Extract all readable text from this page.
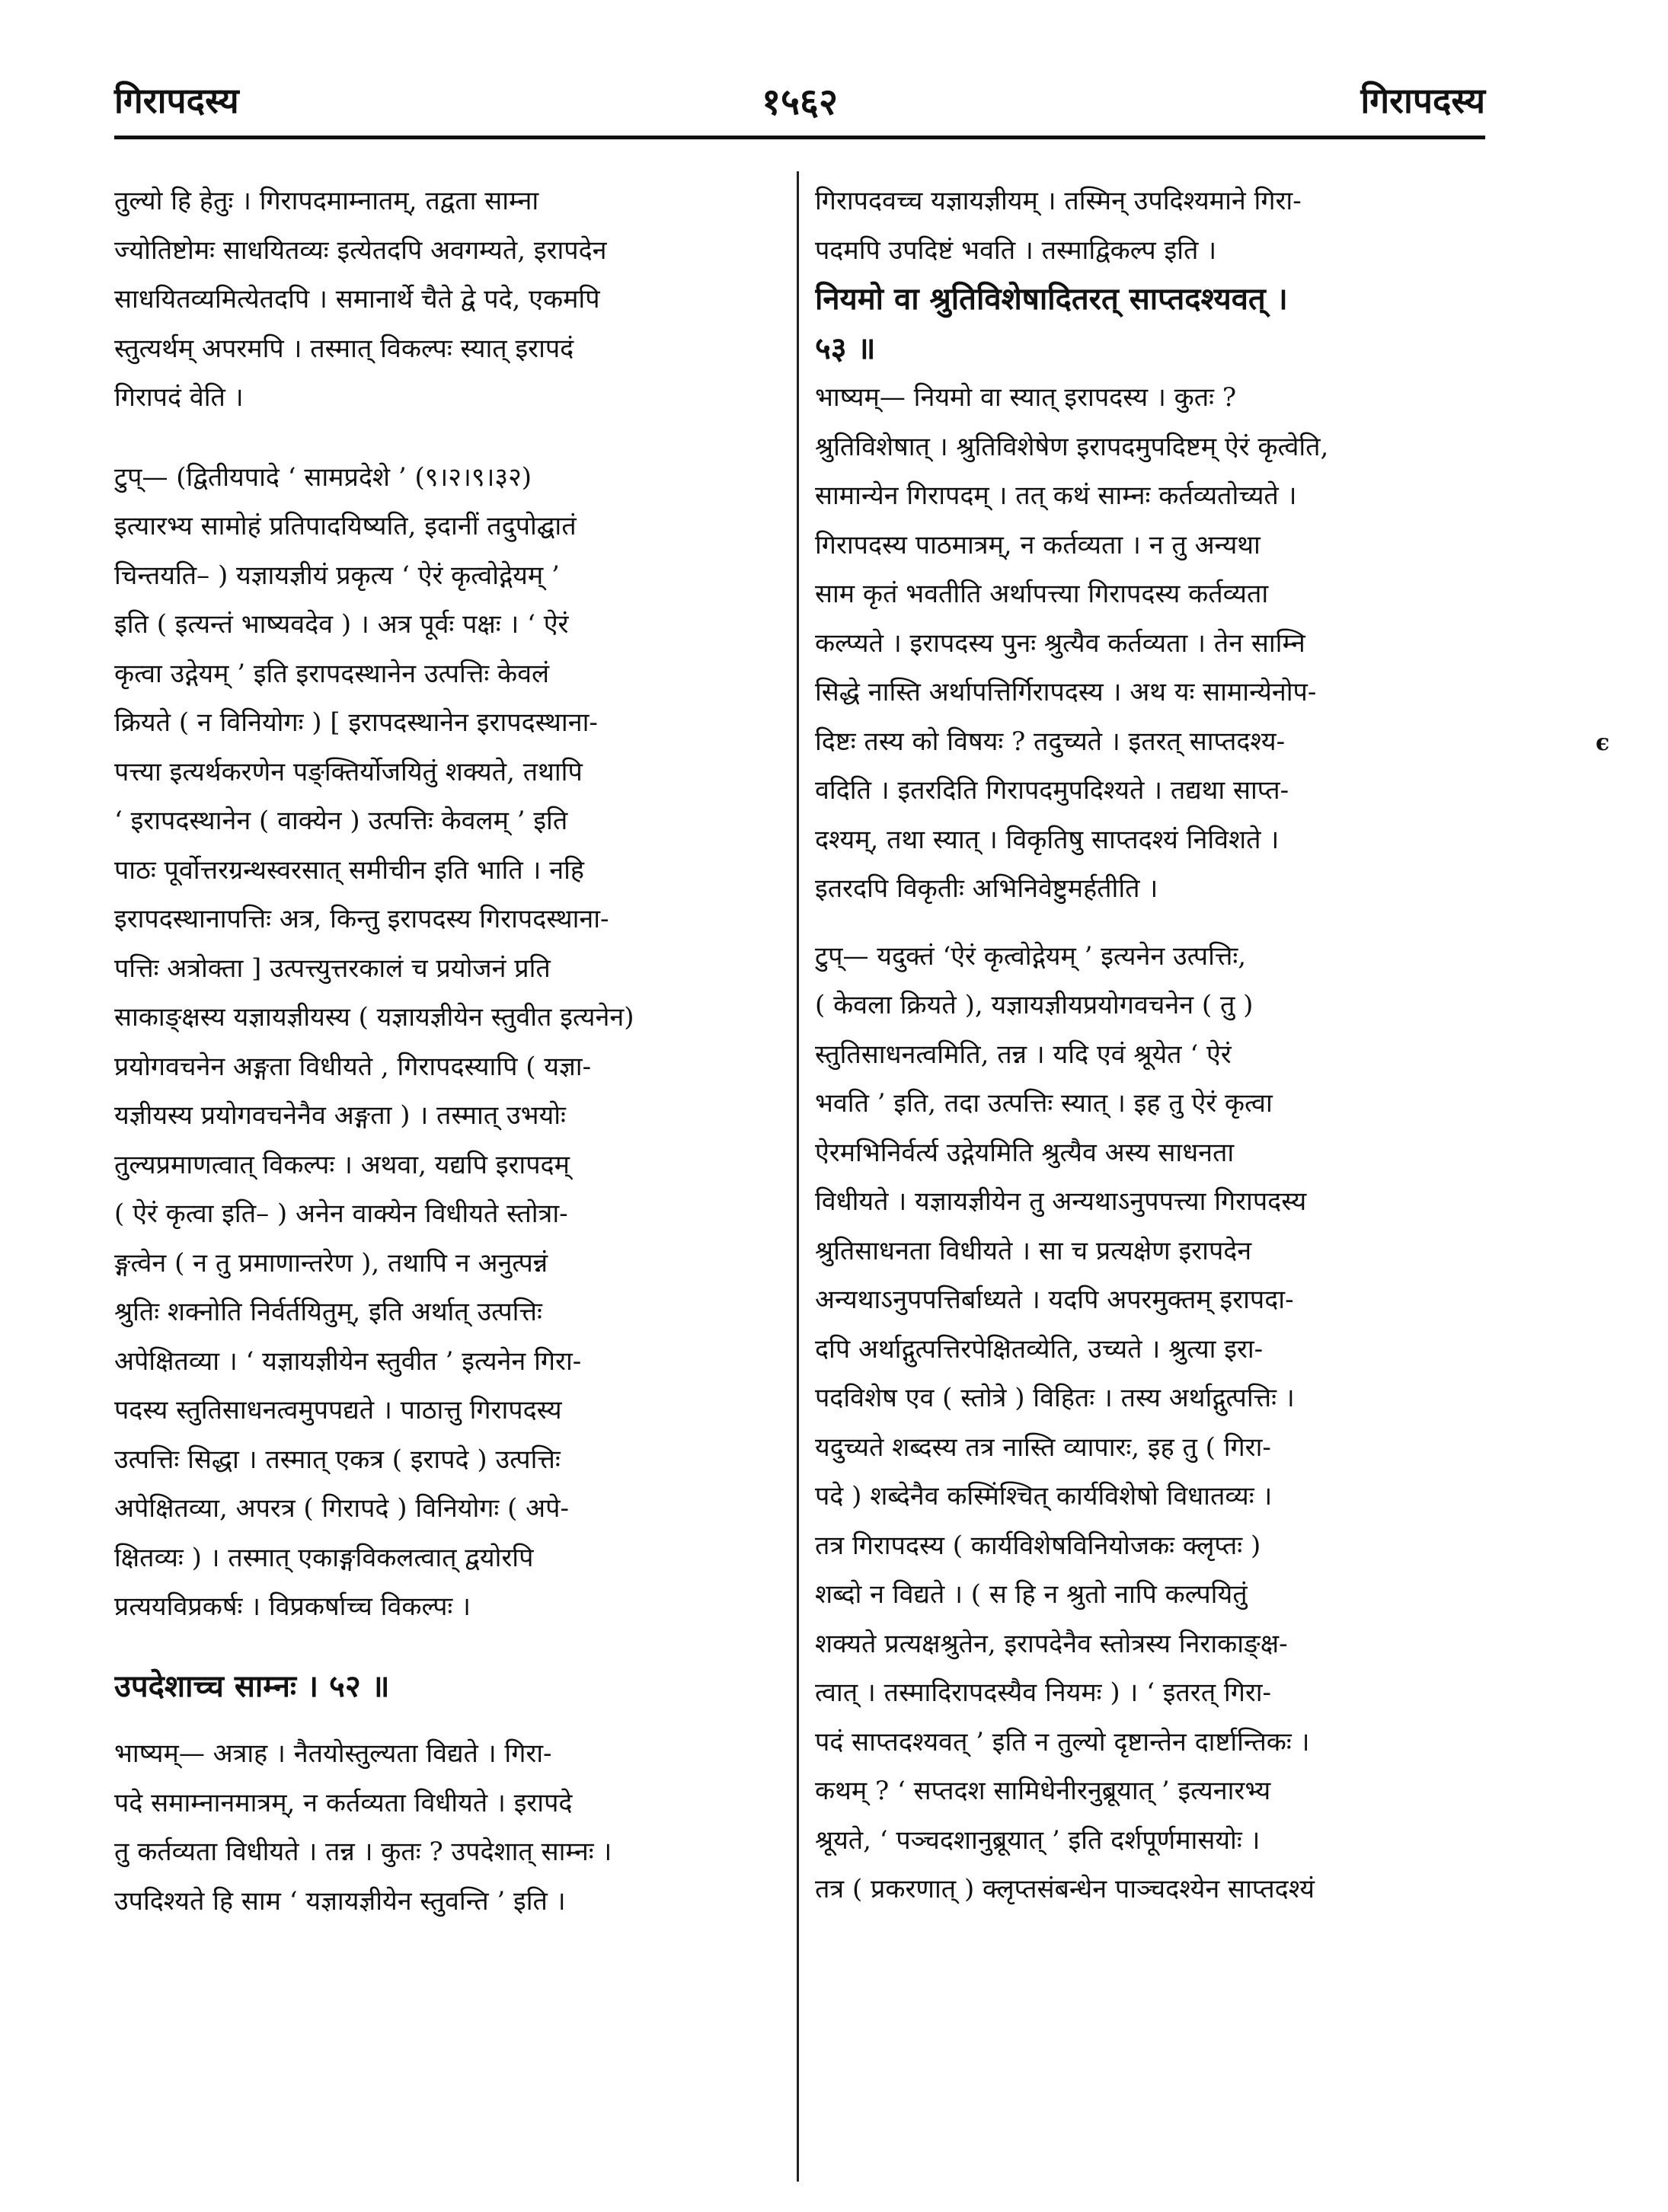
१५६२
गिरापदस्य	गिरापदस्य
ϵ

तुल्यो हि हेतुः । गिरापदमाम्नातम्, तद्वता साम्ना

ज्योतिष्टोमः साधयितव्यः इत्येतदपि अवगम्यते, इरापदेन

साधयितव्यमित्येतदपि । समानार्थे चैते द्वे पदे, एकमपि

स्तुत्यर्थम् अपरमपि । तस्मात् विकल्पः स्यात् इरापदं

गिरापदं वेति ।

टुप्— (द्वितीयपादे ‘ सामप्रदेशे ’ (९।२।९।३२)

इत्यारभ्य सामोहं प्रतिपादयिष्यति, इदानीं तदुपोद्घातं

चिन्तयति– ) यज्ञायज्ञीयं प्रकृत्य ‘ ऐरं कृत्वोद्गेयम् ’

इति ( इत्यन्तं भाष्यवदेव ) । अत्र पूर्वः पक्षः । ‘ ऐरं

कृत्वा उद्गेयम् ’ इति इरापदस्थानेन उत्पत्तिः केवलं

क्रियते ( न विनियोगः ) [ इरापदस्थानेन इरापदस्थाना-

पत्त्या इत्यर्थकरणेन पङ्क्तिर्योजयितुं शक्यते, तथापि

‘ इरापदस्थानेन ( वाक्येन ) उत्पत्तिः केवलम् ’ इति

पाठः पूर्वोत्तरग्रन्थस्वरसात् समीचीन इति भाति । नहि

इरापदस्थानापत्तिः अत्र, किन्तु इरापदस्य गिरापदस्थाना-

पत्तिः अत्रोक्ता ] उत्पत्त्युत्तरकालं च प्रयोजनं प्रति

साकाङ्क्षस्य यज्ञायज्ञीयस्य ( यज्ञायज्ञीयेन स्तुवीत इत्यनेन)

प्रयोगवचनेन अङ्गता विधीयते , गिरापदस्यापि ( यज्ञा-

यज्ञीयस्य प्रयोगवचनेनैव अङ्गता ) । तस्मात् उभयोः

तुल्यप्रमाणत्वात् विकल्पः । अथवा, यद्यपि इरापदम्

( ऐरं कृत्वा इति– ) अनेन वाक्येन विधीयते स्तोत्रा-

ङ्गत्वेन ( न तु प्रमाणान्तरेण ), तथापि न अनुत्पन्नं

श्रुतिः शक्नोति निर्वर्तयितुम्, इति अर्थात् उत्पत्तिः

अपेक्षितव्या । ‘ यज्ञायज्ञीयेन स्तुवीत ’ इत्यनेन गिरा-

पदस्य स्तुतिसाधनत्वमुपपद्यते । पाठात्तु गिरापदस्य

उत्पत्तिः सिद्धा । तस्मात् एकत्र ( इरापदे ) उत्पत्तिः

अपेक्षितव्या, अपरत्र ( गिरापदे ) विनियोगः ( अपे-

क्षितव्यः ) । तस्मात् एकाङ्गविकलत्वात् द्वयोरपि

प्रत्ययविप्रकर्षः । विप्रकर्षाच्च विकल्पः ।

उपदेशाच्च साम्नः । ५२ ॥

भाष्यम्— अत्राह । नैतयोस्तुल्यता विद्यते । गिरा-

पदे समाम्नानमात्रम्, न कर्तव्यता विधीयते । इरापदे

तु कर्तव्यता विधीयते । तन्न । कुतः ? उपदेशात् साम्नः ।

उपदिश्यते हि साम ‘ यज्ञायज्ञीयेन स्तुवन्ति ’ इति ।

गिरापदवच्च यज्ञायज्ञीयम् । तस्मिन् उपदिश्यमाने गिरा-

पदमपि उपदिष्टं भवति । तस्माद्विकल्प इति ।

नियमो वा श्रुतिविशेषादितरत् साप्तदश्यवत् ।

५३ ॥

भाष्यम्— नियमो वा स्यात् इरापदस्य । कुतः ?

श्रुतिविशेषात् । श्रुतिविशेषेण इरापदमुपदिष्टम् ऐरं कृत्वेति,

सामान्येन गिरापदम् । तत् कथं साम्नः कर्तव्यतोच्यते ।

गिरापदस्य पाठमात्रम्, न कर्तव्यता । न तु अन्यथा

साम कृतं भवतीति अर्थापत्त्या गिरापदस्य कर्तव्यता

कल्प्यते । इरापदस्य पुनः श्रुत्यैव कर्तव्यता । तेन साम्नि

सिद्धे नास्ति अर्थापत्तिर्गिरापदस्य । अथ यः सामान्येनोप-

दिष्टः तस्य को विषयः ? तदुच्यते । इतरत् साप्तदश्य-

वदिति । इतरदिति गिरापदमुपदिश्यते । तद्यथा साप्त-

दश्यम्, तथा स्यात् । विकृतिषु साप्तदश्यं निविशते ।

इतरदपि विकृतीः अभिनिवेष्टुमर्हतीति ।

टुप्— यदुक्तं ‘ऐरं कृत्वोद्गेयम् ’ इत्यनेन उत्पत्तिः,

( केवला क्रियते ), यज्ञायज्ञीयप्रयोगवचनेन ( तु )

स्तुतिसाधनत्वमिति, तन्न । यदि एवं श्रूयेत ‘ ऐरं

भवति ’ इति, तदा उत्पत्तिः स्यात् । इह तु ऐरं कृत्वा

ऐरमभिनिर्वर्त्य उद्गेयमिति श्रुत्यैव अस्य साधनता

विधीयते । यज्ञायज्ञीयेन तु अन्यथाऽनुपपत्त्या गिरापदस्य

श्रुतिसाधनता विधीयते । सा च प्रत्यक्षेण इरापदेन

अन्यथाऽनुपपत्तिर्बाध्यते । यदपि अपरमुक्तम् इरापदा-

दपि अर्थाद्गुत्पत्तिरपेक्षितव्येति, उच्यते । श्रुत्या इरा-

पदविशेष एव ( स्तोत्रे ) विहितः । तस्य अर्थाद्गुत्पत्तिः ।

यदुच्यते शब्दस्य तत्र नास्ति व्यापारः, इह तु ( गिरा-

पदे ) शब्देनैव कस्मिंश्चित् कार्यविशेषो विधातव्यः ।

तत्र गिरापदस्य ( कार्यविशेषविनियोजकः क्लृप्तः )

शब्दो न विद्यते । ( स हि न श्रुतो नापि कल्पयितुं

शक्यते प्रत्यक्षश्रुतेन, इरापदेनैव स्तोत्रस्य निराकाङ्क्ष-

त्वात् । तस्मादिरापदस्यैव नियमः ) । ‘ इतरत् गिरा-

पदं साप्तदश्यवत् ’ इति न तुल्यो दृष्टान्तेन दार्ष्टान्तिकः ।

कथम् ? ‘ सप्तदश सामिधेनीरनुब्रूयात् ’ इत्यनारभ्य

श्रूयते, ‘ पञ्चदशानुब्रूयात् ’ इति दर्शपूर्णमासयोः ।

तत्र ( प्रकरणात् ) क्लृप्तसंबन्धेन पाञ्चदश्येन साप्तदश्यं
